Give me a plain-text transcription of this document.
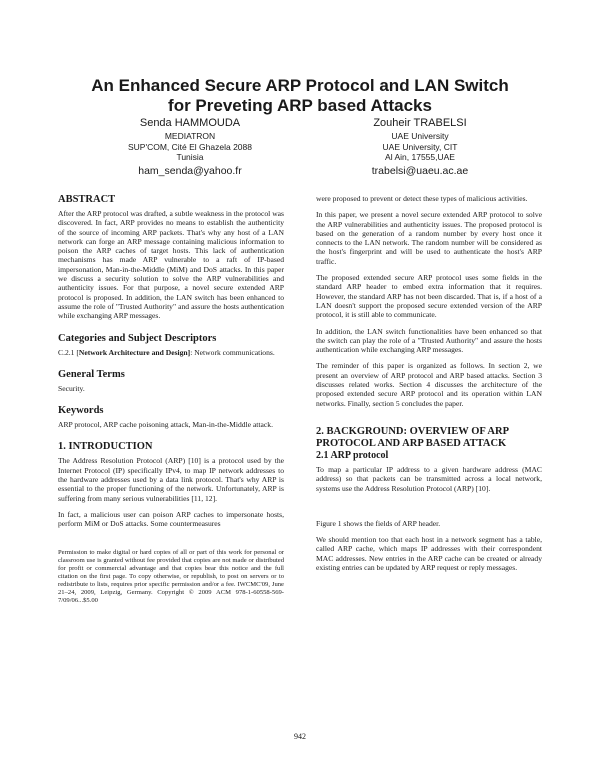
An Enhanced Secure ARP Protocol and LAN Switch
for Preveting ARP based Attacks
Senda HAMMOUDA
MEDIATRON
SUP'COM, Cité El Ghazela 2088
Tunisia
ham_senda@yahoo.fr
Zouheir TRABELSI
UAE University
UAE University, CIT
Al Ain, 17555,UAE
trabelsi@uaeu.ac.ae
ABSTRACT

After the ARP protocol was drafted, a subtle weakness in the protocol was discovered. In fact, ARP provides no means to establish the authenticity of the source of incoming ARP packets. That's why any host of a LAN network can forge an ARP message containing malicious information to poison the ARP caches of target hosts. This lack of authentication mechanisms has made ARP vulnerable to a raft of IP-based impersonation, Man-in-the-Middle (MiM) and DoS attacks. In this paper we discuss a security solution to solve the ARP vulnerabilities and authenticity issues. For that purpose, a novel secure extended ARP protocol is proposed. In addition, the LAN switch has been enhanced to assume the role of "Trusted Authority" and assure the hosts authentication while exchanging ARP messages.

Categories and Subject Descriptors

C.2.1 [Network Architecture and Design]: Network communications.

General Terms

Security.

Keywords

ARP protocol, ARP cache poisoning attack, Man-in-the-Middle attack.

1. INTRODUCTION

The Address Resolution Protocol (ARP) [10] is a protocol used by the Internet Protocol (IP) specifically IPv4, to map IP network addresses to the hardware addresses used by a data link protocol. That's why ARP is essential to the proper functioning of the network. Unfortunately, ARP is suffering from many serious vulnerabilities [11, 12].

In fact, a malicious user can poison ARP caches to impersonate hosts, perform MiM or DoS attacks. Some countermeasures

Permission to make digital or hard copies of all or part of this work for personal or classroom use is granted without fee provided that copies are not made or distributed for profit or commercial advantage and that copies bear this notice and the full citation on the first page. To copy otherwise, or republish, to post on servers or to redistribute to lists, requires prior specific permission and/or a fee. IWCMC'09, June 21–24, 2009, Leipzig, Germany. Copyright © 2009 ACM 978-1-60558-569-7/09/06...$5.00

were proposed to prevent or detect these types of malicious activities.

In this paper, we present a novel secure extended ARP protocol to solve the ARP vulnerabilities and authenticity issues. The proposed protocol is based on the generation of a random number by every host once it connects to the LAN network. The random number will be considered as the host's fingerprint and will be used to authenticate the host's ARP traffic.

The proposed extended secure ARP protocol uses some fields in the standard ARP header to embed extra information that it requires. However, the standard ARP has not been discarded. That is, if a host of a LAN doesn't support the proposed secure extended version of the ARP protocol, it is still able to communicate.

In addition, the LAN switch functionalities have been enhanced so that the switch can play the role of a "Trusted Authority" and assure the hosts authentication while exchanging ARP messages.

The reminder of this paper is organized as follows. In section 2, we present an overview of ARP protocol and ARP based attacks. Section 3 discusses related works. Section 4 discusses the architecture of the proposed extended secure ARP protocol and its operation within LAN networks. Finally, section 5 concludes the paper.

2. BACKGROUND: OVERVIEW OF ARP
PROTOCOL AND ARP BASED ATTACK
2.1 ARP protocol

To map a particular IP address to a given hardware address (MAC address) so that packets can be transmitted across a local network, systems use the Address Resolution Protocol (ARP) [10].

Figure 1 shows the fields of ARP header.

We should mention too that each host in a network segment has a table, called ARP cache, which maps IP addresses with their correspondent MAC addresses. New entries in the ARP cache can be created or already existing entries can be updated by ARP request or reply messages.

942
